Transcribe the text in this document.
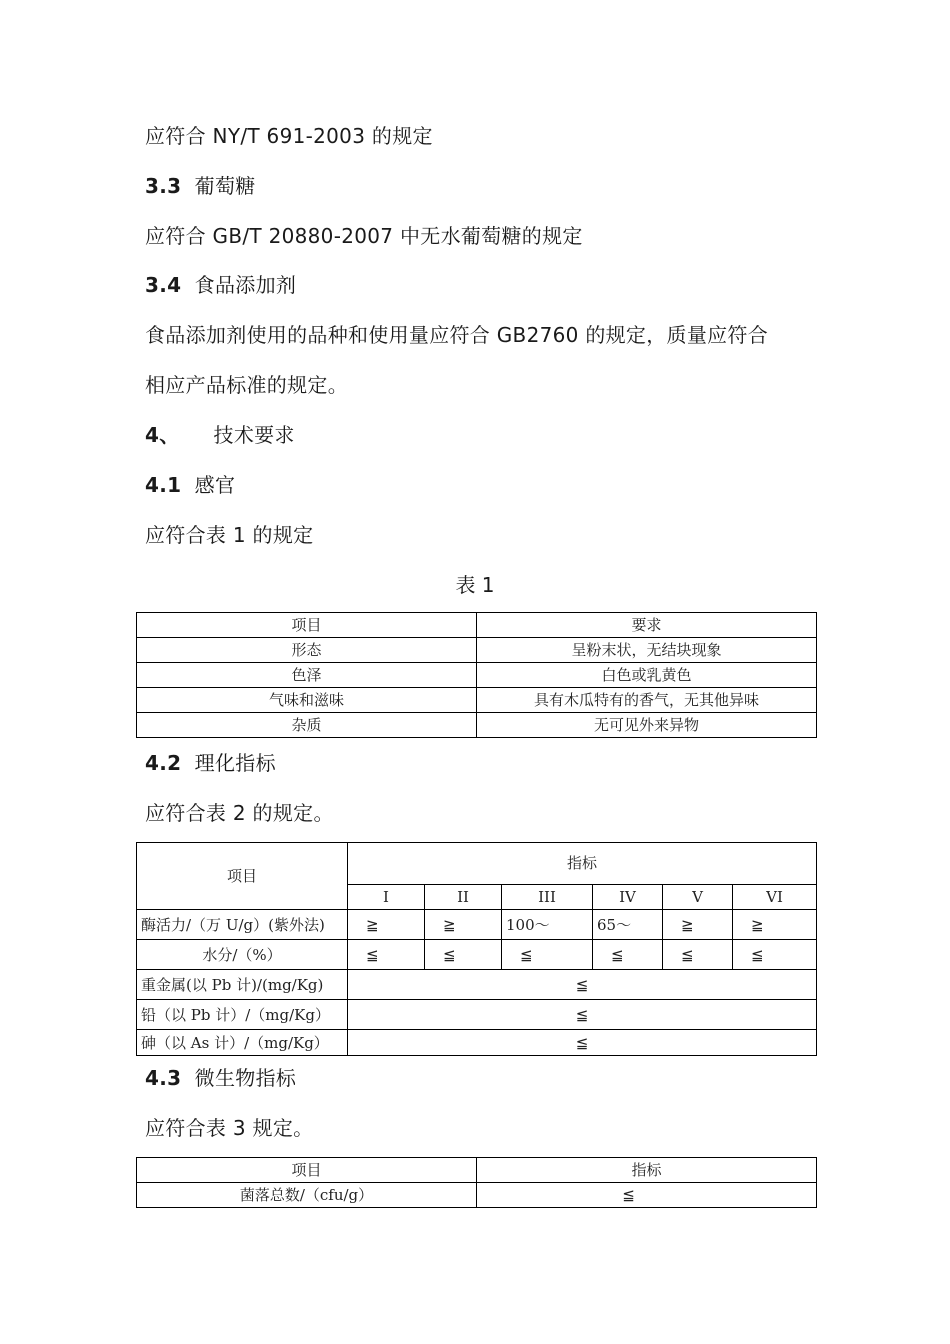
应符合 NY/T 691-2003 的规定
3.3 葡萄糖
应符合 GB/T 20880-2007 中无水葡萄糖的规定
3.4 食品添加剂
食品添加剂使用的品种和使用量应符合 GB2760 的规定，质量应符合
相应产品标准的规定。
4、 技术要求
4.1 感官
应符合表 1 的规定
表 1
项目	要求
形态	呈粉末状，无结块现象
色泽	白色或乳黄色
气味和滋味	具有木瓜特有的香气，无其他异味
杂质	无可见外来异物
4.2 理化指标
应符合表 2 的规定。
项目	指标					
	I	II	III	IV	V	VI
酶活力/（万 U/g）(紫外法)	≧	≧	100～	65～	≧	≧
水分/（%）	≦	≦	≦	≦	≦	≦
重金属(以 Pb 计)/(mg/Kg)	≦					
铅（以 Pb 计）/（mg/Kg）	≦					
砷（以 As 计）/（mg/Kg）	≦					
4.3 微生物指标
应符合表 3 规定。
项目	指标
菌落总数/（cfu/g）	≦
